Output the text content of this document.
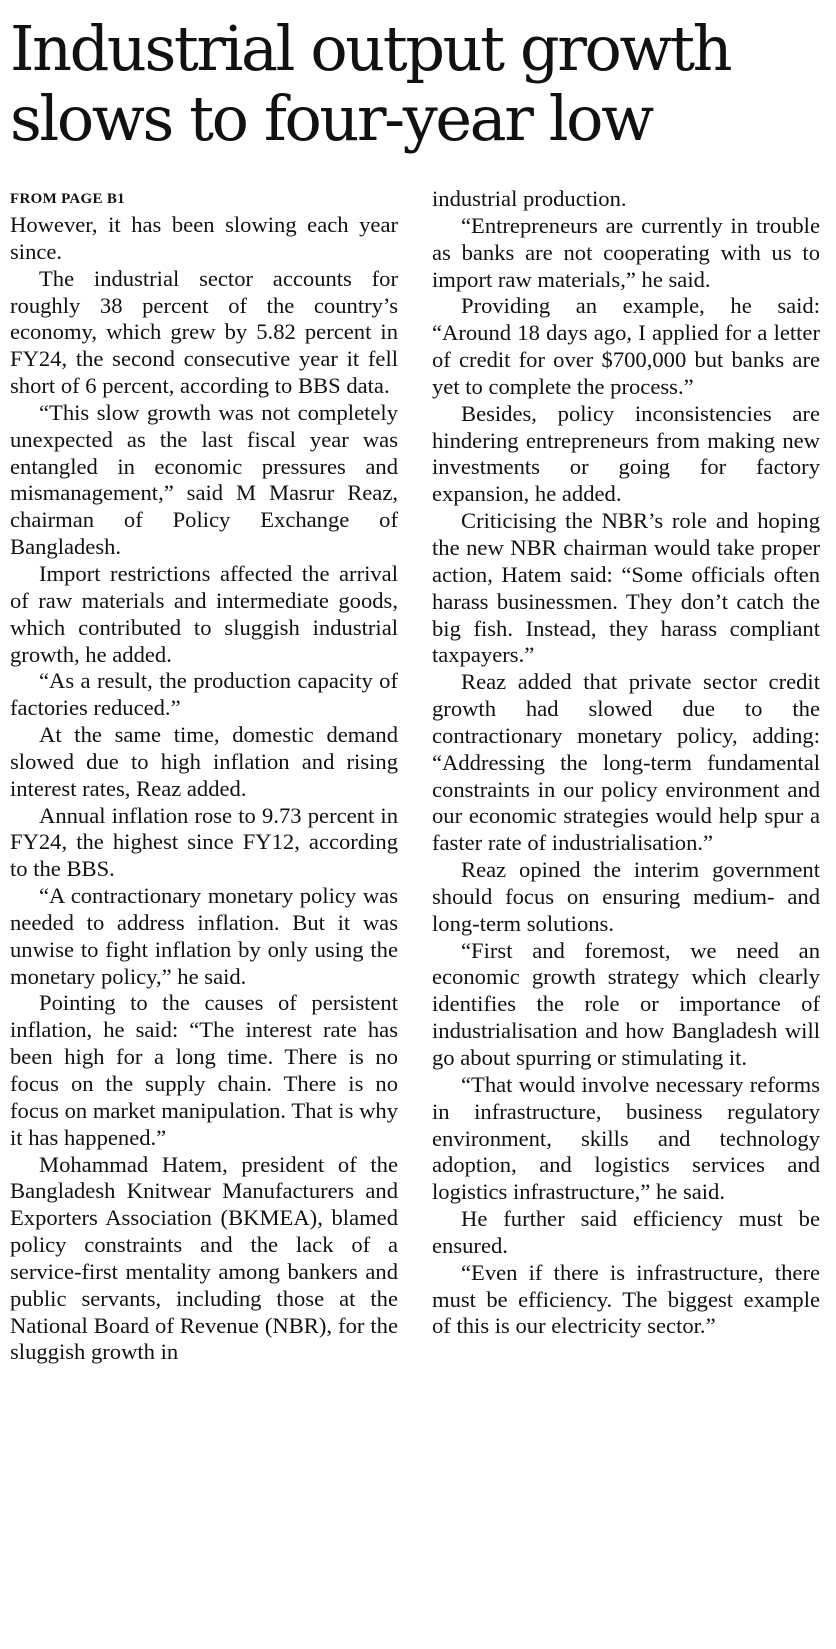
Industrial output growth slows to four-year low
FROM PAGE B1

However, it has been slowing each year since.

The industrial sector accounts for roughly 38 percent of the country’s economy, which grew by 5.82 percent in FY24, the second consecutive year it fell short of 6 percent, according to BBS data.

“This slow growth was not completely unexpected as the last fiscal year was entangled in economic pressures and mismanagement,” said M Masrur Reaz, chairman of Policy Exchange of Bangladesh.

Import restrictions affected the arrival of raw materials and intermediate goods, which contributed to sluggish industrial growth, he added.

“As a result, the production capacity of factories reduced.”

At the same time, domestic demand slowed due to high inflation and rising interest rates, Reaz added.

Annual inflation rose to 9.73 percent in FY24, the highest since FY12, according to the BBS.

“A contractionary monetary policy was needed to address inflation. But it was unwise to fight inflation by only using the monetary policy,” he said.

Pointing to the causes of persistent inflation, he said: “The interest rate has been high for a long time. There is no focus on the supply chain. There is no focus on market manipulation. That is why it has happened.”

Mohammad Hatem, president of the Bangladesh Knitwear Manufacturers and Exporters Association (BKMEA), blamed policy constraints and the lack of a service-first mentality among bankers and public servants, including those at the National Board of Revenue (NBR), for the sluggish growth in

industrial production.

“Entrepreneurs are currently in trouble as banks are not cooperating with us to import raw materials,” he said.

Providing an example, he said: “Around 18 days ago, I applied for a letter of credit for over $700,000 but banks are yet to complete the process.”

Besides, policy inconsistencies are hindering entrepreneurs from making new investments or going for factory expansion, he added.

Criticising the NBR’s role and hoping the new NBR chairman would take proper action, Hatem said: “Some officials often harass businessmen. They don’t catch the big fish. Instead, they harass compliant taxpayers.”

Reaz added that private sector credit growth had slowed due to the contractionary monetary policy, adding: “Addressing the long-term fundamental constraints in our policy environment and our economic strategies would help spur a faster rate of industrialisation.”

Reaz opined the interim government should focus on ensuring medium- and long-term solutions.

“First and foremost, we need an economic growth strategy which clearly identifies the role or importance of industrialisation and how Bangladesh will go about spurring or stimulating it.

“That would involve necessary reforms in infrastructure, business regulatory environment, skills and technology adoption, and logistics services and logistics infrastructure,” he said.

He further said efficiency must be ensured.

“Even if there is infrastructure, there must be efficiency. The biggest example of this is our electricity sector.”
